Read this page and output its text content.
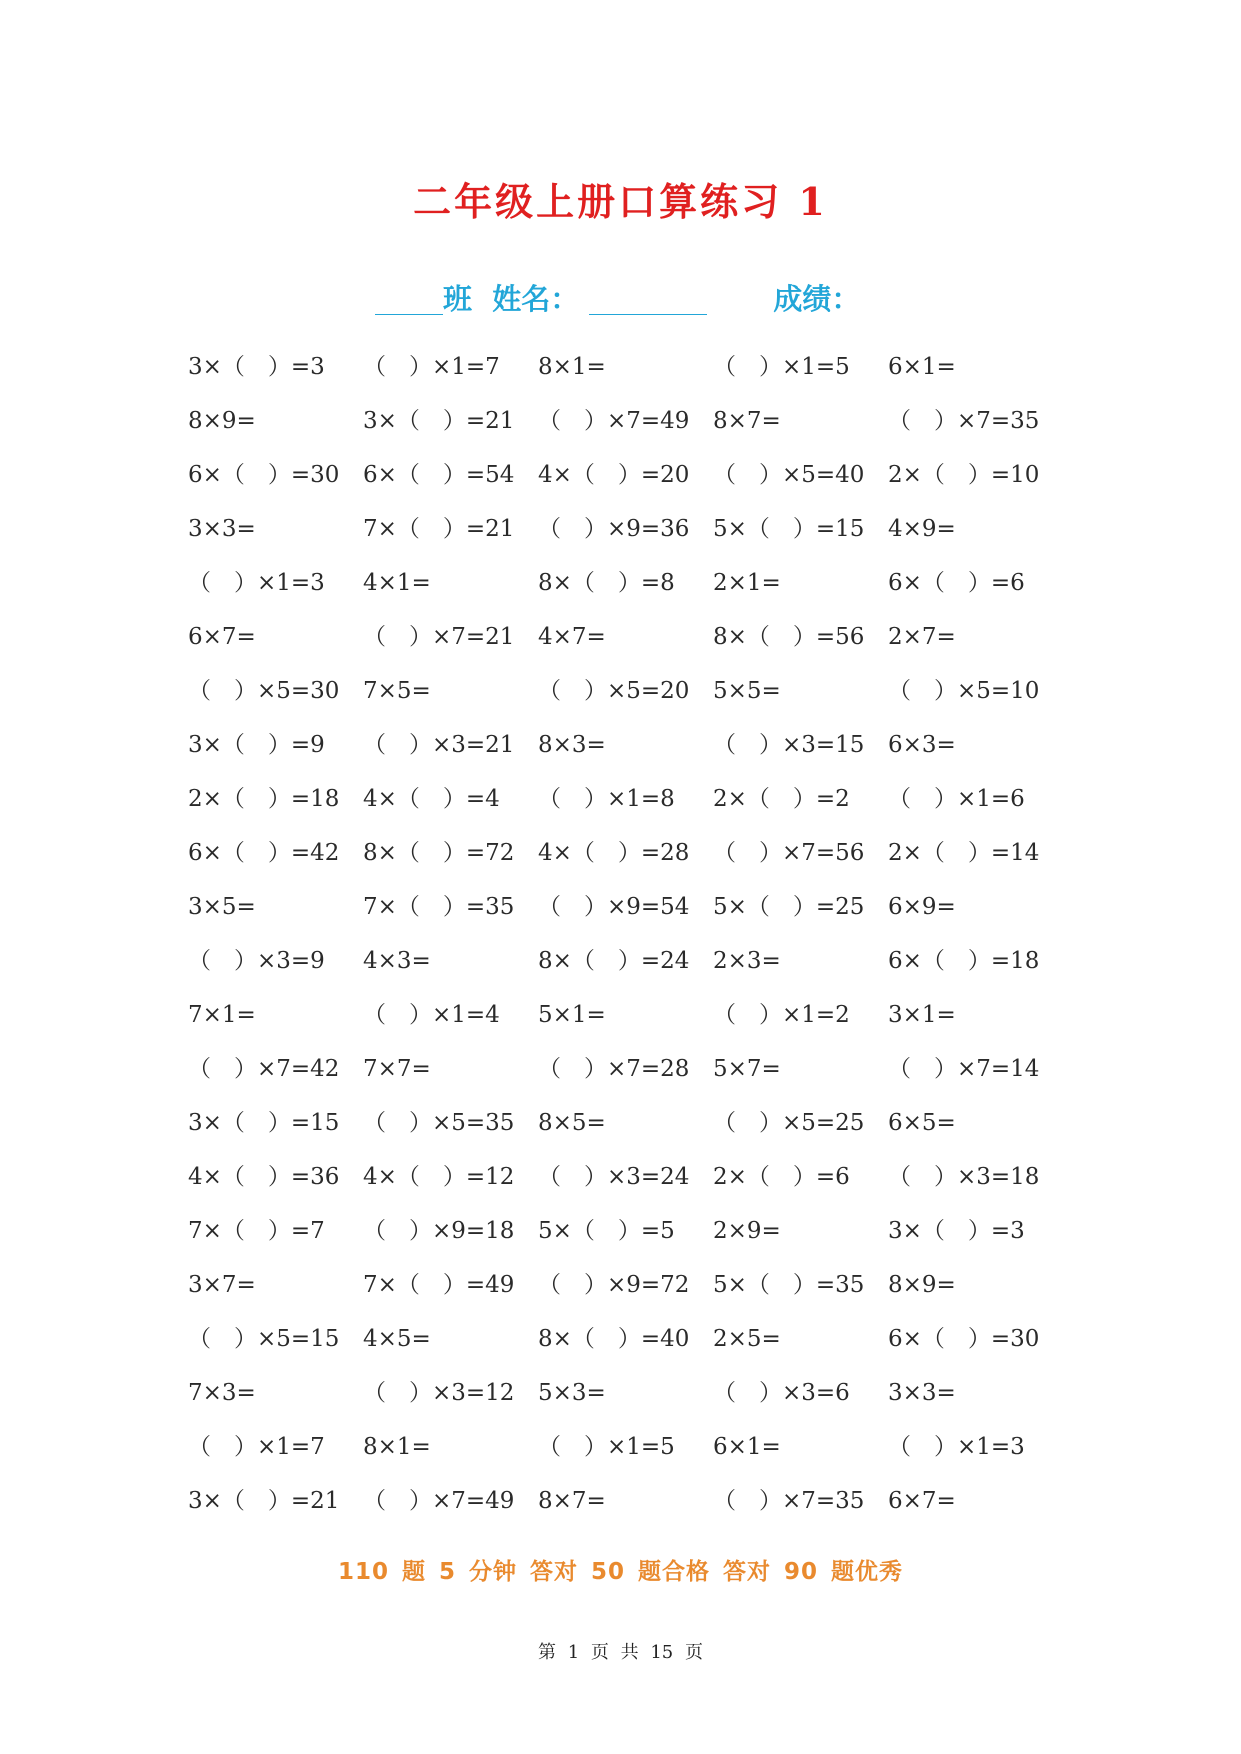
二年级上册口算练习 1
班 姓名：	成绩：
3×（　）=3	（　）×1=7	8×1=	（　）×1=5	6×1=
8×9=	3×（　）=21	（　）×7=49	8×7=	（　）×7=35
6×（　）=30	6×（　）=54	4×（　）=20	（　）×5=40	2×（　）=10
3×3=	7×（　）=21	（　）×9=36	5×（　）=15	4×9=
（　）×1=3	4×1=	8×（　）=8	2×1=	6×（　）=6
6×7=	（　）×7=21	4×7=	8×（　）=56	2×7=
（　）×5=30	7×5=	（　）×5=20	5×5=	（　）×5=10
3×（　）=9	（　）×3=21	8×3=	（　）×3=15	6×3=
2×（　）=18	4×（　）=4	（　）×1=8	2×（　）=2	（　）×1=6
6×（　）=42	8×（　）=72	4×（　）=28	（　）×7=56	2×（　）=14
3×5=	7×（　）=35	（　）×9=54	5×（　）=25	6×9=
（　）×3=9	4×3=	8×（　）=24	2×3=	6×（　）=18
7×1=	（　）×1=4	5×1=	（　）×1=2	3×1=
（　）×7=42	7×7=	（　）×7=28	5×7=	（　）×7=14
3×（　）=15	（　）×5=35	8×5=	（　）×5=25	6×5=
4×（　）=36	4×（　）=12	（　）×3=24	2×（　）=6	（　）×3=18
7×（　）=7	（　）×9=18	5×（　）=5	2×9=	3×（　）=3
3×7=	7×（　）=49	（　）×9=72	5×（　）=35	8×9=
（　）×5=15	4×5=	8×（　）=40	2×5=	6×（　）=30
7×3=	（　）×3=12	5×3=	（　）×3=6	3×3=
（　）×1=7	8×1=	（　）×1=5	6×1=	（　）×1=3
3×（　）=21	（　）×7=49	8×7=	（　）×7=35	6×7=
110 题 5 分钟 答对 50 题合格 答对 90 题优秀
第 1 页 共 15 页
